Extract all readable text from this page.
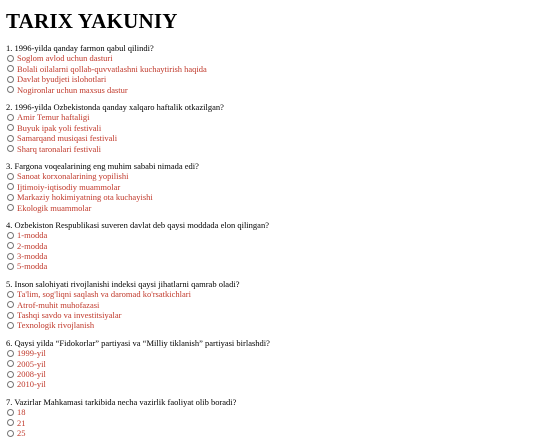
TARIX YAKUNIY
1. 1996-yilda qanday farmon qabul qilindi?
Soglom avlod uchun dasturi
Bolali oilalarni qollab-quvvatlashni kuchaytirish haqida
Davlat byudjeti islohotlari
Nogironlar uchun maxsus dastur
2. 1996-yilda Ozbekistonda qanday xalqaro haftalik otkazilgan?
Amir Temur haftaligi
Buyuk ipak yoli festivali
Samarqand musiqasi festivali
Sharq taronalari festivali
3. Fargona voqealarining eng muhim sababi nimada edi?
Sanoat korxonalarining yopilishi
Ijtimoiy-iqtisodiy muammolar
Markaziy hokimiyatning ota kuchayishi
Ekologik muammolar
4. Ozbekiston Respublikasi suveren davlat deb qaysi moddada elon qilingan?
1-modda
2-modda
3-modda
5-modda
5. Inson salohiyati rivojlanishi indeksi qaysi jihatlarni qamrab oladi?
Ta'lim, sog'liqni saqlash va daromad ko'rsatkichlari
Atrof-muhit muhofazasi
Tashqi savdo va investitsiyalar
Texnologik rivojlanish
6. Qaysi yilda “Fidokorlar” partiyasi va “Milliy tiklanish” partiyasi birlashdi?
1999-yil
2005-yil
2008-yil
2010-yil
7. Vazirlar Mahkamasi tarkibida necha vazirlik faoliyat olib boradi?
18
21
25
